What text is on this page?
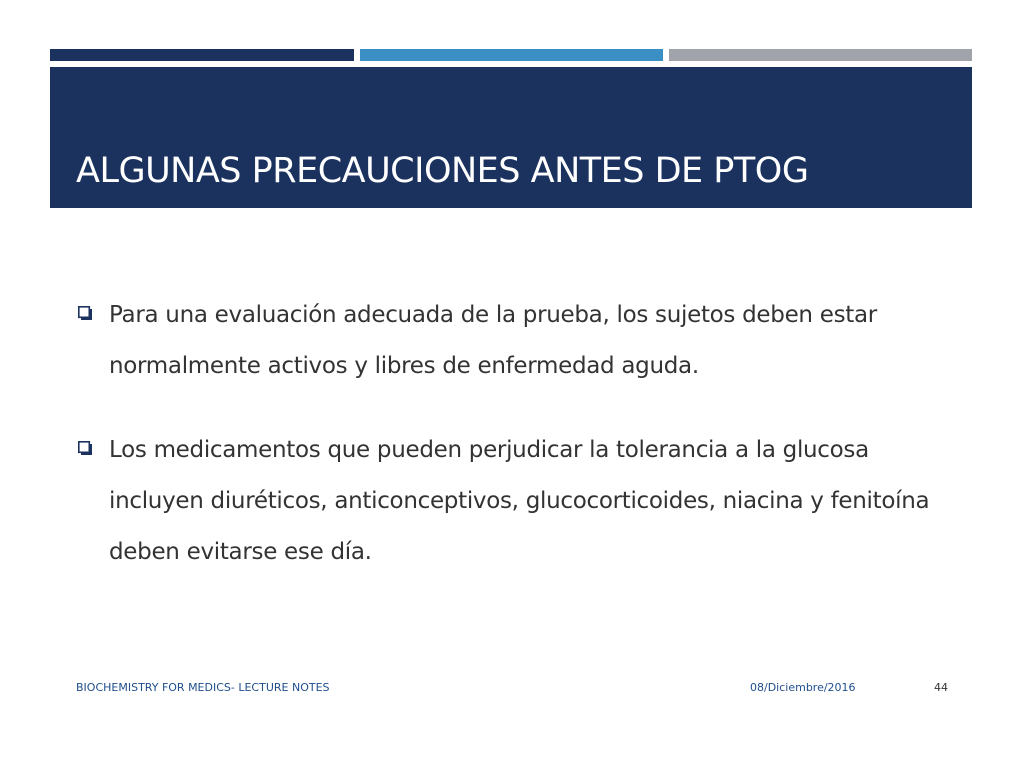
ALGUNAS PRECAUCIONES ANTES DE PTOG
Para una evaluación adecuada de la prueba, los sujetos deben estar
normalmente activos y libres de enfermedad aguda.
Los medicamentos que pueden perjudicar la tolerancia a la glucosa
incluyen diuréticos, anticonceptivos, glucocorticoides, niacina y fenitoína
deben evitarse ese día.
BIOCHEMISTRY FOR MEDICS- LECTURE NOTES	08/Diciembre/2016	44
